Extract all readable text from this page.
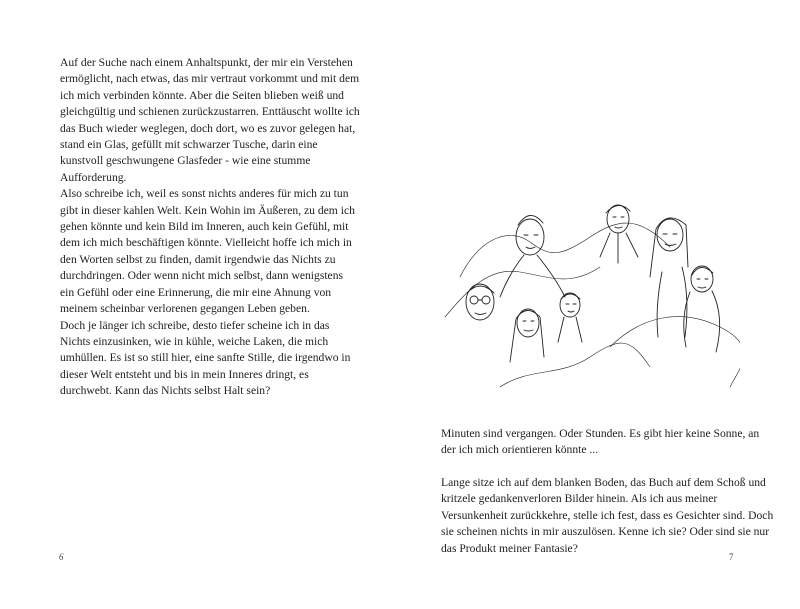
Auf der Suche nach einem Anhaltspunkt, der mir ein Verstehen ermöglicht, nach etwas, das mir vertraut vorkommt und mit dem ich mich verbinden könnte. Aber die Seiten blieben weiß und gleichgültig und schienen zurückzustarren. Enttäuscht wollte ich das Buch wieder weglegen, doch dort, wo es zuvor gelegen hat, stand ein Glas, gefüllt mit schwarzer Tusche, darin eine kunstvoll geschwungene Glasfeder - wie eine stumme Aufforderung.

Also schreibe ich, weil es sonst nichts anderes für mich zu tun gibt in dieser kahlen Welt. Kein Wohin im Äußeren, zu dem ich gehen könnte und kein Bild im Inneren, auch kein Gefühl, mit dem ich mich beschäftigen könnte. Vielleicht hoffe ich mich in den Worten selbst zu finden, damit irgendwie das Nichts zu durchdringen. Oder wenn nicht mich selbst, dann wenigstens ein Gefühl oder eine Erinnerung, die mir eine Ahnung von meinem scheinbar verlorenen gegangen Leben geben.

Doch je länger ich schreibe, desto tiefer scheine ich in das Nichts einzusinken, wie in kühle, weiche Laken, die mich umhüllen. Es ist so still hier, eine sanfte Stille, die irgendwo in dieser Welt entsteht und bis in mein Inneres dringt, es durchwebt. Kann das Nichts selbst Halt sein?

6
Minuten sind vergangen. Oder Stunden. Es gibt hier keine Sonne, an der ich mich orientieren könnte ...
Lange sitze ich auf dem blanken Boden, das Buch auf dem Schoß und kritzele gedankenverloren Bilder hinein. Als ich aus meiner Versunkenheit zurückkehre, stelle ich fest, dass es Gesichter sind. Doch sie scheinen nichts in mir auszulösen. Kenne ich sie? Oder sind sie nur das Produkt meiner Fantasie?
7
